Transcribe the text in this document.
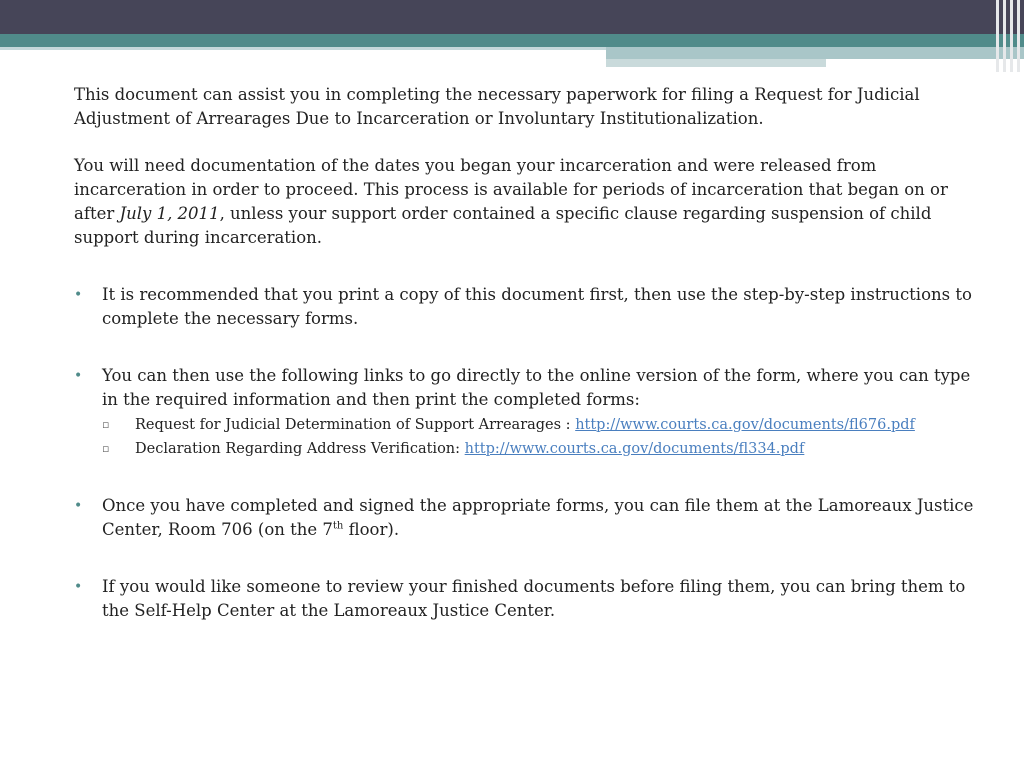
This document can assist you in completing the necessary paperwork for filing a Request for Judicial Adjustment of Arrearages Due to Incarceration or Involuntary Institutionalization.

You will need documentation of the dates you began your incarceration and were released from incarceration in order to proceed. This process is available for periods of incarceration that began on or after July 1, 2011, unless your support order contained a specific clause regarding suspension of child support during incarceration.

•	It is recommended that you print a copy of this document first, then use the step-by-step instructions to complete the necessary forms.
•	You can then use the following links to go directly to the online version of the form, where you can type in the required information and then print the completed forms:
▫	Request for Judicial Determination of Support Arrearages : http://www.courts.ca.gov/documents/fl676.pdf
▫	Declaration Regarding Address Verification: http://www.courts.ca.gov/documents/fl334.pdf
•	Once you have completed and signed the appropriate forms, you can file them at the Lamoreaux Justice Center, Room 706 (on the 7th floor).
•	If you would like someone to review your finished documents before filing them, you can bring them to the Self-Help Center at the Lamoreaux Justice Center.
